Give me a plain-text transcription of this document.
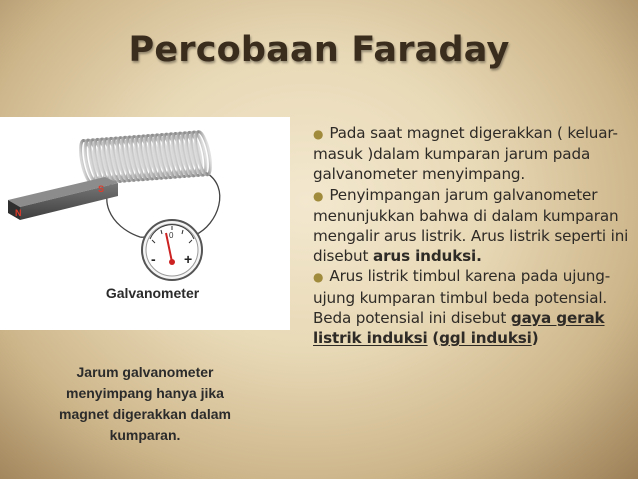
Percobaan Faraday
N
S
0
- +
Galvanometer
Jarum galvanometer
menyimpang hanya jika
magnet digerakkan dalam
kumparan.

● Pada saat magnet digerakkan ( keluar- masuk )dalam kumparan jarum pada galvanometer menyimpang.

● Penyimpangan jarum galvanometer menunjukkan bahwa di dalam kumparan mengalir arus listrik. Arus listrik seperti ini disebut arus induksi.

● Arus listrik timbul karena pada ujung-ujung kumparan timbul beda potensial. Beda potensial ini disebut gaya gerak listrik induksi (ggl induksi)
